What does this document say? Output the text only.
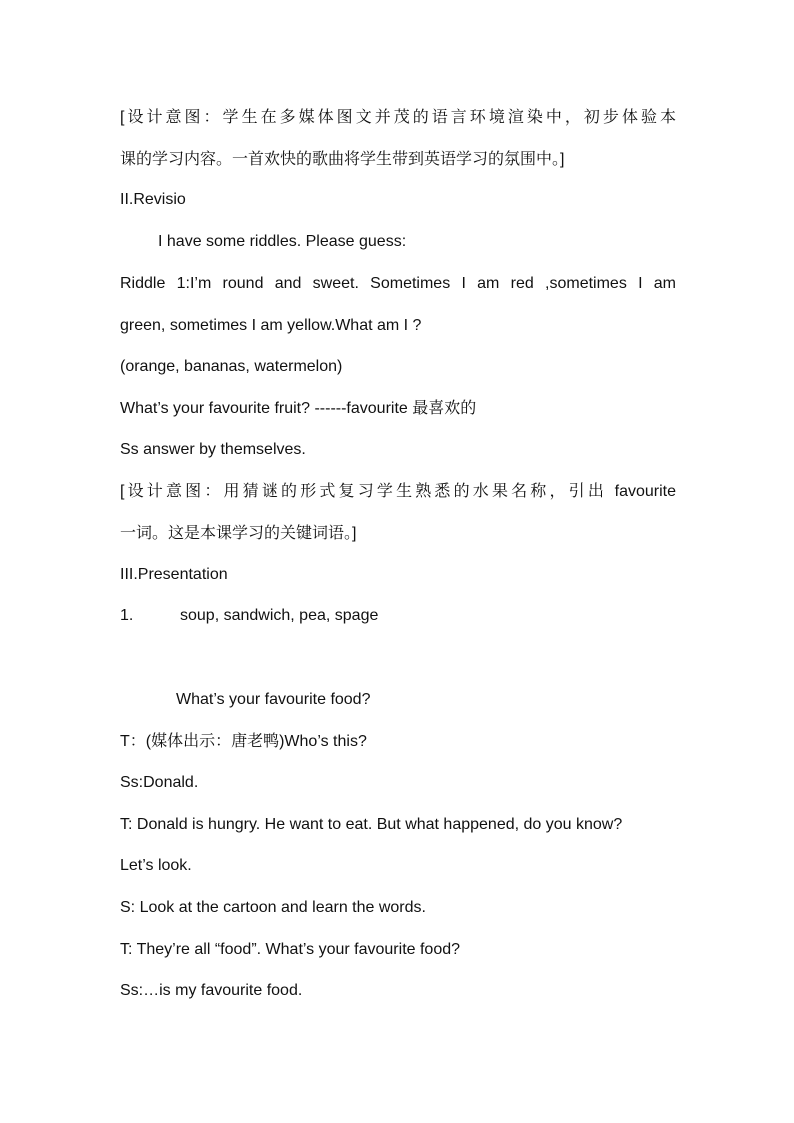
[设计意图：学生在多媒体图文并茂的语言环境渲染中，初步体验本
课的学习内容。一首欢快的歌曲将学生带到英语学习的氛围中。]
II.Revisio
I have some riddles. Please guess:
Riddle 1:I’m round and sweet. Sometimes I am red ,sometimes I am
green, sometimes I am yellow.What am I ?
(orange, bananas, watermelon)
What’s your favourite fruit? ------favourite 最喜欢的
Ss answer by themselves.
[设计意图：用猜谜的形式复习学生熟悉的水果名称，引出 favourite
一词。这是本课学习的关键词语。]
III.Presentation
1.	soup, sandwich, pea, spage
What’s your favourite food?
T：(媒体出示：唐老鸭)Who’s this?
Ss:Donald.
T: Donald is hungry. He want to eat. But what happened, do you know?
Let’s look.
S: Look at the cartoon and learn the words.
T: They’re all “food”. What’s your favourite food?
Ss:…is my favourite food.
